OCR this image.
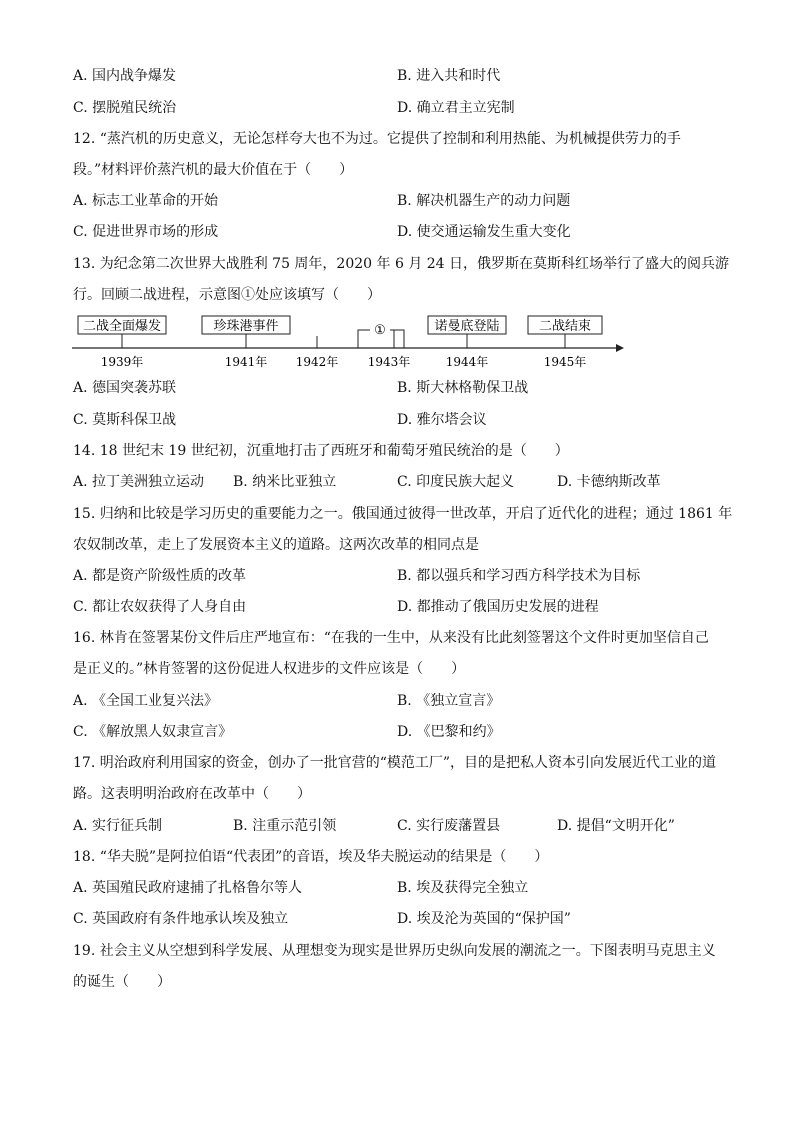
A. 国内战争爆发	B. 进入共和时代
C. 摆脱殖民统治	D. 确立君主立宪制
12. “蒸汽机的历史意义，无论怎样夸大也不为过。它提供了控制和利用热能、为机械提供劳力的手
段。”材料评价蒸汽机的最大价值在于（　　）
A. 标志工业革命的开始	B. 解决机器生产的动力问题
C. 促进世界市场的形成	D. 使交通运输发生重大变化
13. 为纪念第二次世界大战胜利 75 周年，2020 年 6 月 24 日，俄罗斯在莫斯科红场举行了盛大的阅兵游
行。回顾二战进程，示意图①处应该填写（　　）
二战全面爆发	珍珠港事件	①	诺曼底登陆	二战结束
1939年	1941年 1942年 1943年	1944年	1945年
A. 德国突袭苏联	B. 斯大林格勒保卫战
C. 莫斯科保卫战	D. 雅尔塔会议
14. 18 世纪末 19 世纪初，沉重地打击了西班牙和葡萄牙殖民统治的是（　　）
A. 拉丁美洲独立运动 B. 纳米比亚独立	C. 印度民族大起义	D. 卡德纳斯改革
15. 归纳和比较是学习历史的重要能力之一。俄国通过彼得一世改革，开启了近代化的进程；通过 1861 年
农奴制改革，走上了发展资本主义的道路。这两次改革的相同点是
A. 都是资产阶级性质的改革	B. 都以强兵和学习西方科学技术为目标
C. 都让农奴获得了人身自由	D. 都推动了俄国历史发展的进程
16. 林肯在签署某份文件后庄严地宣布：“在我的一生中，从来没有比此刻签署这个文件时更加坚信自己
是正义的。”林肯签署的这份促进人权进步的文件应该是（　　）
A. 《全国工业复兴法》	B. 《独立宣言》
C. 《解放黑人奴隶宣言》	D. 《巴黎和约》
17. 明治政府利用国家的资金，创办了一批官营的“模范工厂”，目的是把私人资本引向发展近代工业的道
路。这表明明治政府在改革中（　　）
A. 实行征兵制	B. 注重示范引领	C. 实行废藩置县	D. 提倡“文明开化”
18. “华夫脱”是阿拉伯语“代表团”的音语，埃及华夫脱运动的结果是（　　）
A. 英国殖民政府逮捕了扎格鲁尔等人	B. 埃及获得完全独立
C. 英国政府有条件地承认埃及独立	D. 埃及沦为英国的“保护国”
19. 社会主义从空想到科学发展、从理想变为现实是世界历史纵向发展的潮流之一。下图表明马克思主义
的诞生（　　）
